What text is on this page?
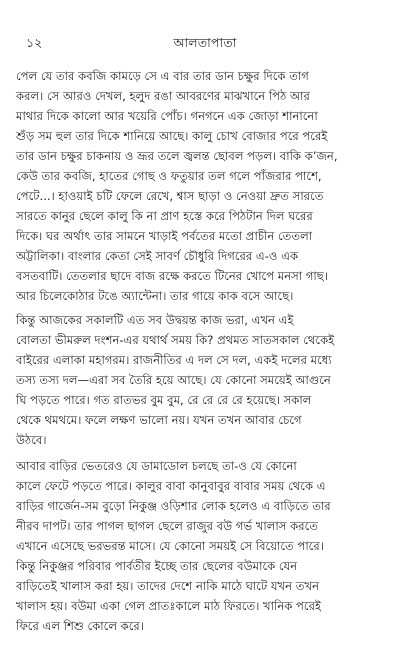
১২	আলতাপাতা

পেল যে তার কবজি কামড়ে সে এ বার তার ডান চক্ষুর দিকে তাগ
করল। সে আরও দেখল, হলুদ রঙা আবরণের মাঝখানে পিঠ আর
মাথার দিকে কালো আর খয়েরি পোঁচ। গনগনে এক জোড়া শানানো
শুঁড় সম হুল তার দিকে শানিয়ে আছে। কালু চোখ বোজার পরে পরেই
তার ডান চক্ষুর চাকনায় ও ভ্রূর তলে জ্বলন্ত ছোবল পড়ল। বাকি ক’জন,
কেউ তার কবজি, হাতের গোছ ও ফতুয়ার তল গলে পাঁজরার পাশে,
পেটে...। হাওয়াই চটি ফেলে রেখে, শ্বাস ছাড়া ও নেওয়া দ্রুত সারতে
সারতে কানুর ছেলে কালু কি না প্রাণ হস্তে করে পিঠটান দিল ঘরের
দিকে। ঘর অর্থাৎ তার সামনে খাড়াই পর্বতের মতো প্রাচীন তেতলা
অট্টালিকা। বাংলার কেতা সেই সাবর্ণ চৌধুরি দিগরের এ-ও এক
বসতবাটি। তেতলার ছাদে বাজ রক্ষে করতে টিনের খোপে মনসা গাছ।
আর চিলেকোঠার টঙে অ্যান্টেনা। তার গায়ে কাক বসে আছে।

কিন্তু আজকের সকালটি এত সব উদ্বয়ন্ত কাজ ভরা, এখন এই
বোলতা ভীমরুল দংশন-এর যথার্থ সময় কি? প্রথমত সাতসকাল থেকেই
বাইরের এলাকা মহাগরম। রাজনীতির এ দল সে দল, একই দলের মধ্যে
তস্য তস্য দল—এরা সব তৈরি হয়ে আছে। যে কোনো সময়েই আগুনে
ঘি পড়তে পারে। গত রাতভর বুম বুম, রে রে রে রে হয়েছে। সকাল
থেকে থমথমে। ফলে লক্ষণ ভালো নয়। যখন তখন আবার চেগে
উঠবে।

আবার বাড়ির ভেতরেও যে ডামাডোল চলছে তা-ও যে কোনো
কালে ফেটে পড়তে পারে। কালুর বাবা কানুবাবুর বাবার সময় থেকে এ
বাড়ির গার্জেন-সম বুড়ো নিকুঞ্জ ওড়িশার লোক হলেও এ বাড়িতে তার
নীরব দাপট। তার পাগল ছাগল ছেলে রাজুর বউ গর্ভ খালাস করতে
এখানে এসেছে ভরভরন্ত মাসে। যে কোনো সময়ই সে বিয়োতে পারে।
কিন্তু নিকুঞ্জর পরিবার পার্বতীর ইচ্ছে তার ছেলের বউমাকে যেন
বাড়িতেই খালাস করা হয়। তাদের দেশে নাকি মাঠে ঘাটে যখন তখন
খালাস হয়। বউমা একা গেল প্রাতঃকালে মাঠ ফিরতে। খানিক পরেই
ফিরে এল শিশু কোলে করে।
